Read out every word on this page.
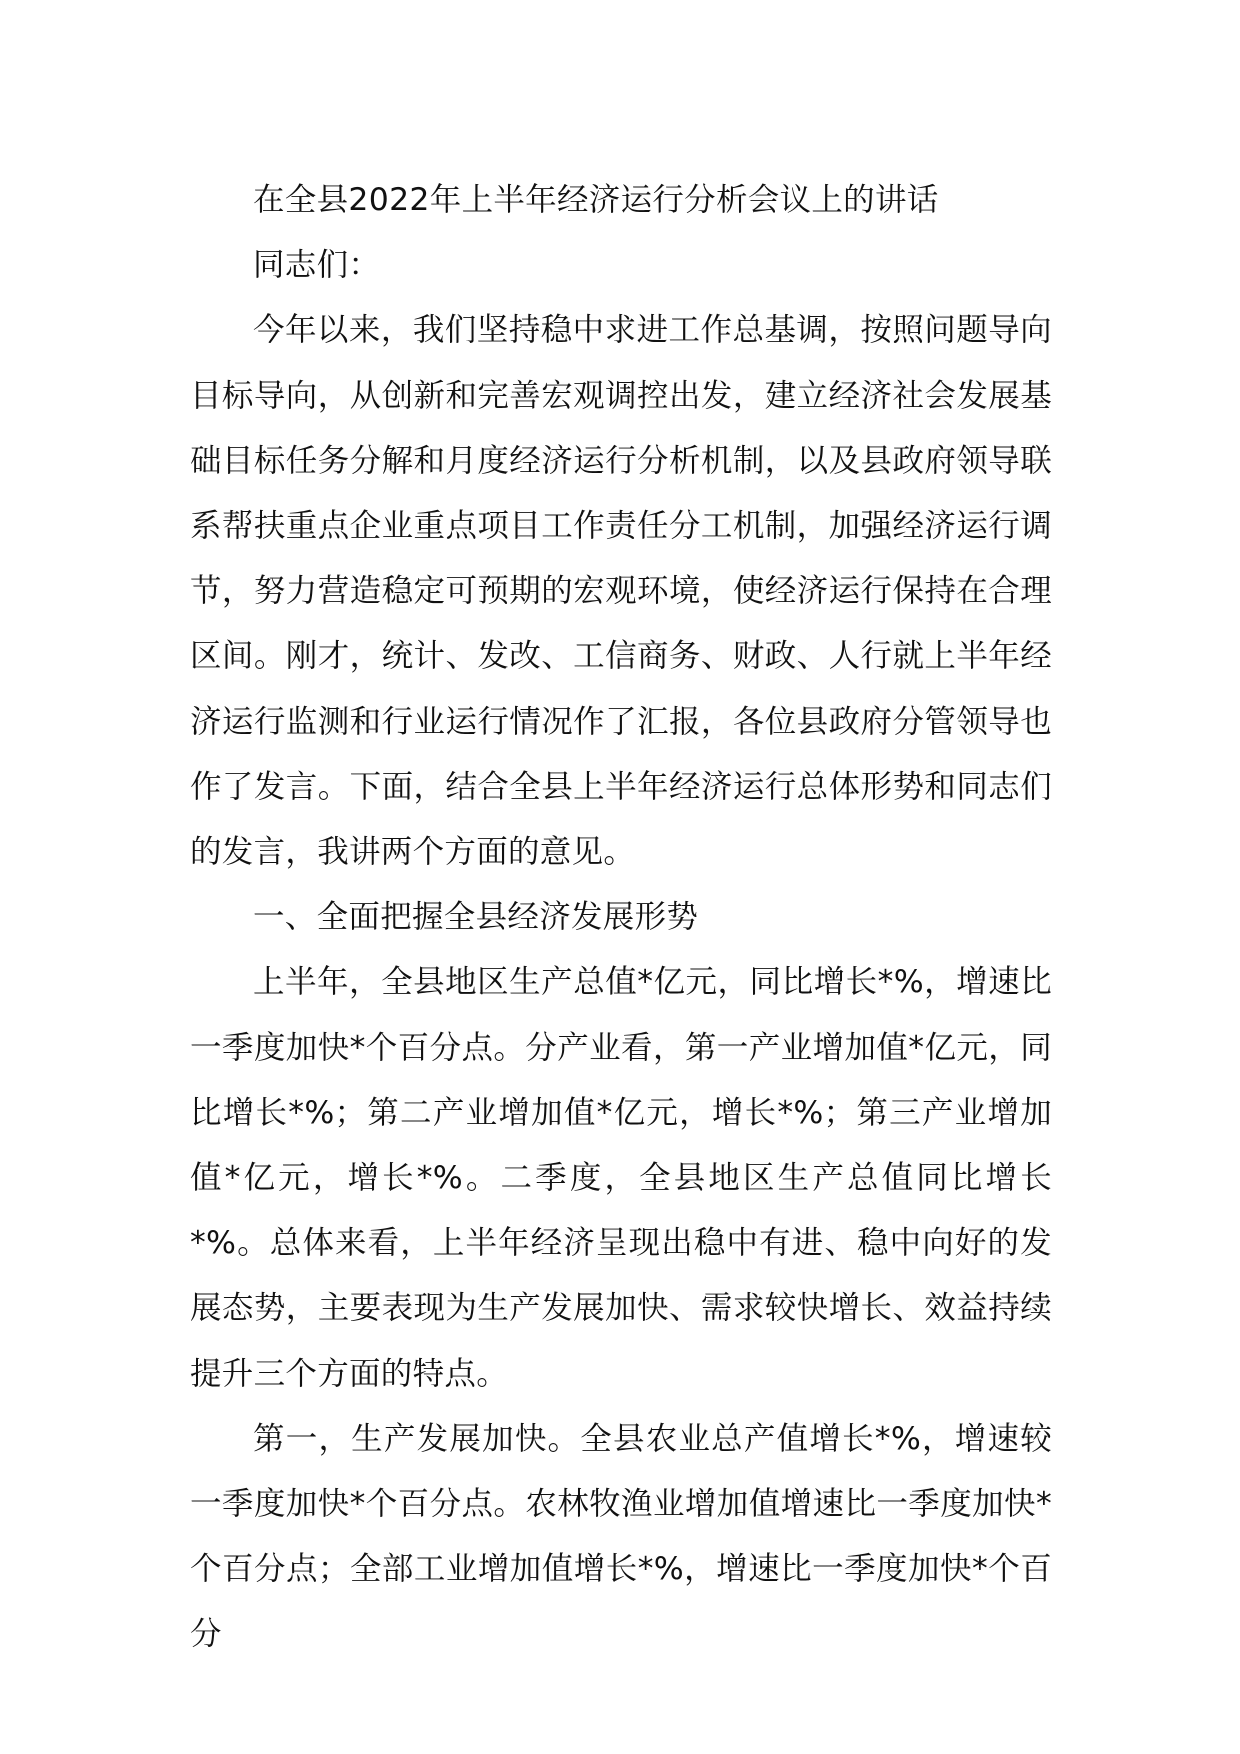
在全县2022年上半年经济运行分析会议上的讲话

同志们：

今年以来，我们坚持稳中求进工作总基调，按照问题导向目标导向，从创新和完善宏观调控出发，建立经济社会发展基础目标任务分解和月度经济运行分析机制，以及县政府领导联系帮扶重点企业重点项目工作责任分工机制，加强经济运行调节，努力营造稳定可预期的宏观环境，使经济运行保持在合理区间。刚才，统计、发改、工信商务、财政、人行就上半年经济运行监测和行业运行情况作了汇报，各位县政府分管领导也作了发言。下面，结合全县上半年经济运行总体形势和同志们的发言，我讲两个方面的意见。

一、全面把握全县经济发展形势

上半年，全县地区生产总值*亿元，同比增长*%，增速比一季度加快*个百分点。分产业看，第一产业增加值*亿元，同比增长*%；第二产业增加值*亿元，增长*%；第三产业增加值*亿元，增长*%。二季度，全县地区生产总值同比增长*%。总体来看，上半年经济呈现出稳中有进、稳中向好的发展态势，主要表现为生产发展加快、需求较快增长、效益持续提升三个方面的特点。

第一，生产发展加快。全县农业总产值增长*%，增速较一季度加快*个百分点。农林牧渔业增加值增速比一季度加快*个百分点；全部工业增加值增长*%，增速比一季度加快*个百分
